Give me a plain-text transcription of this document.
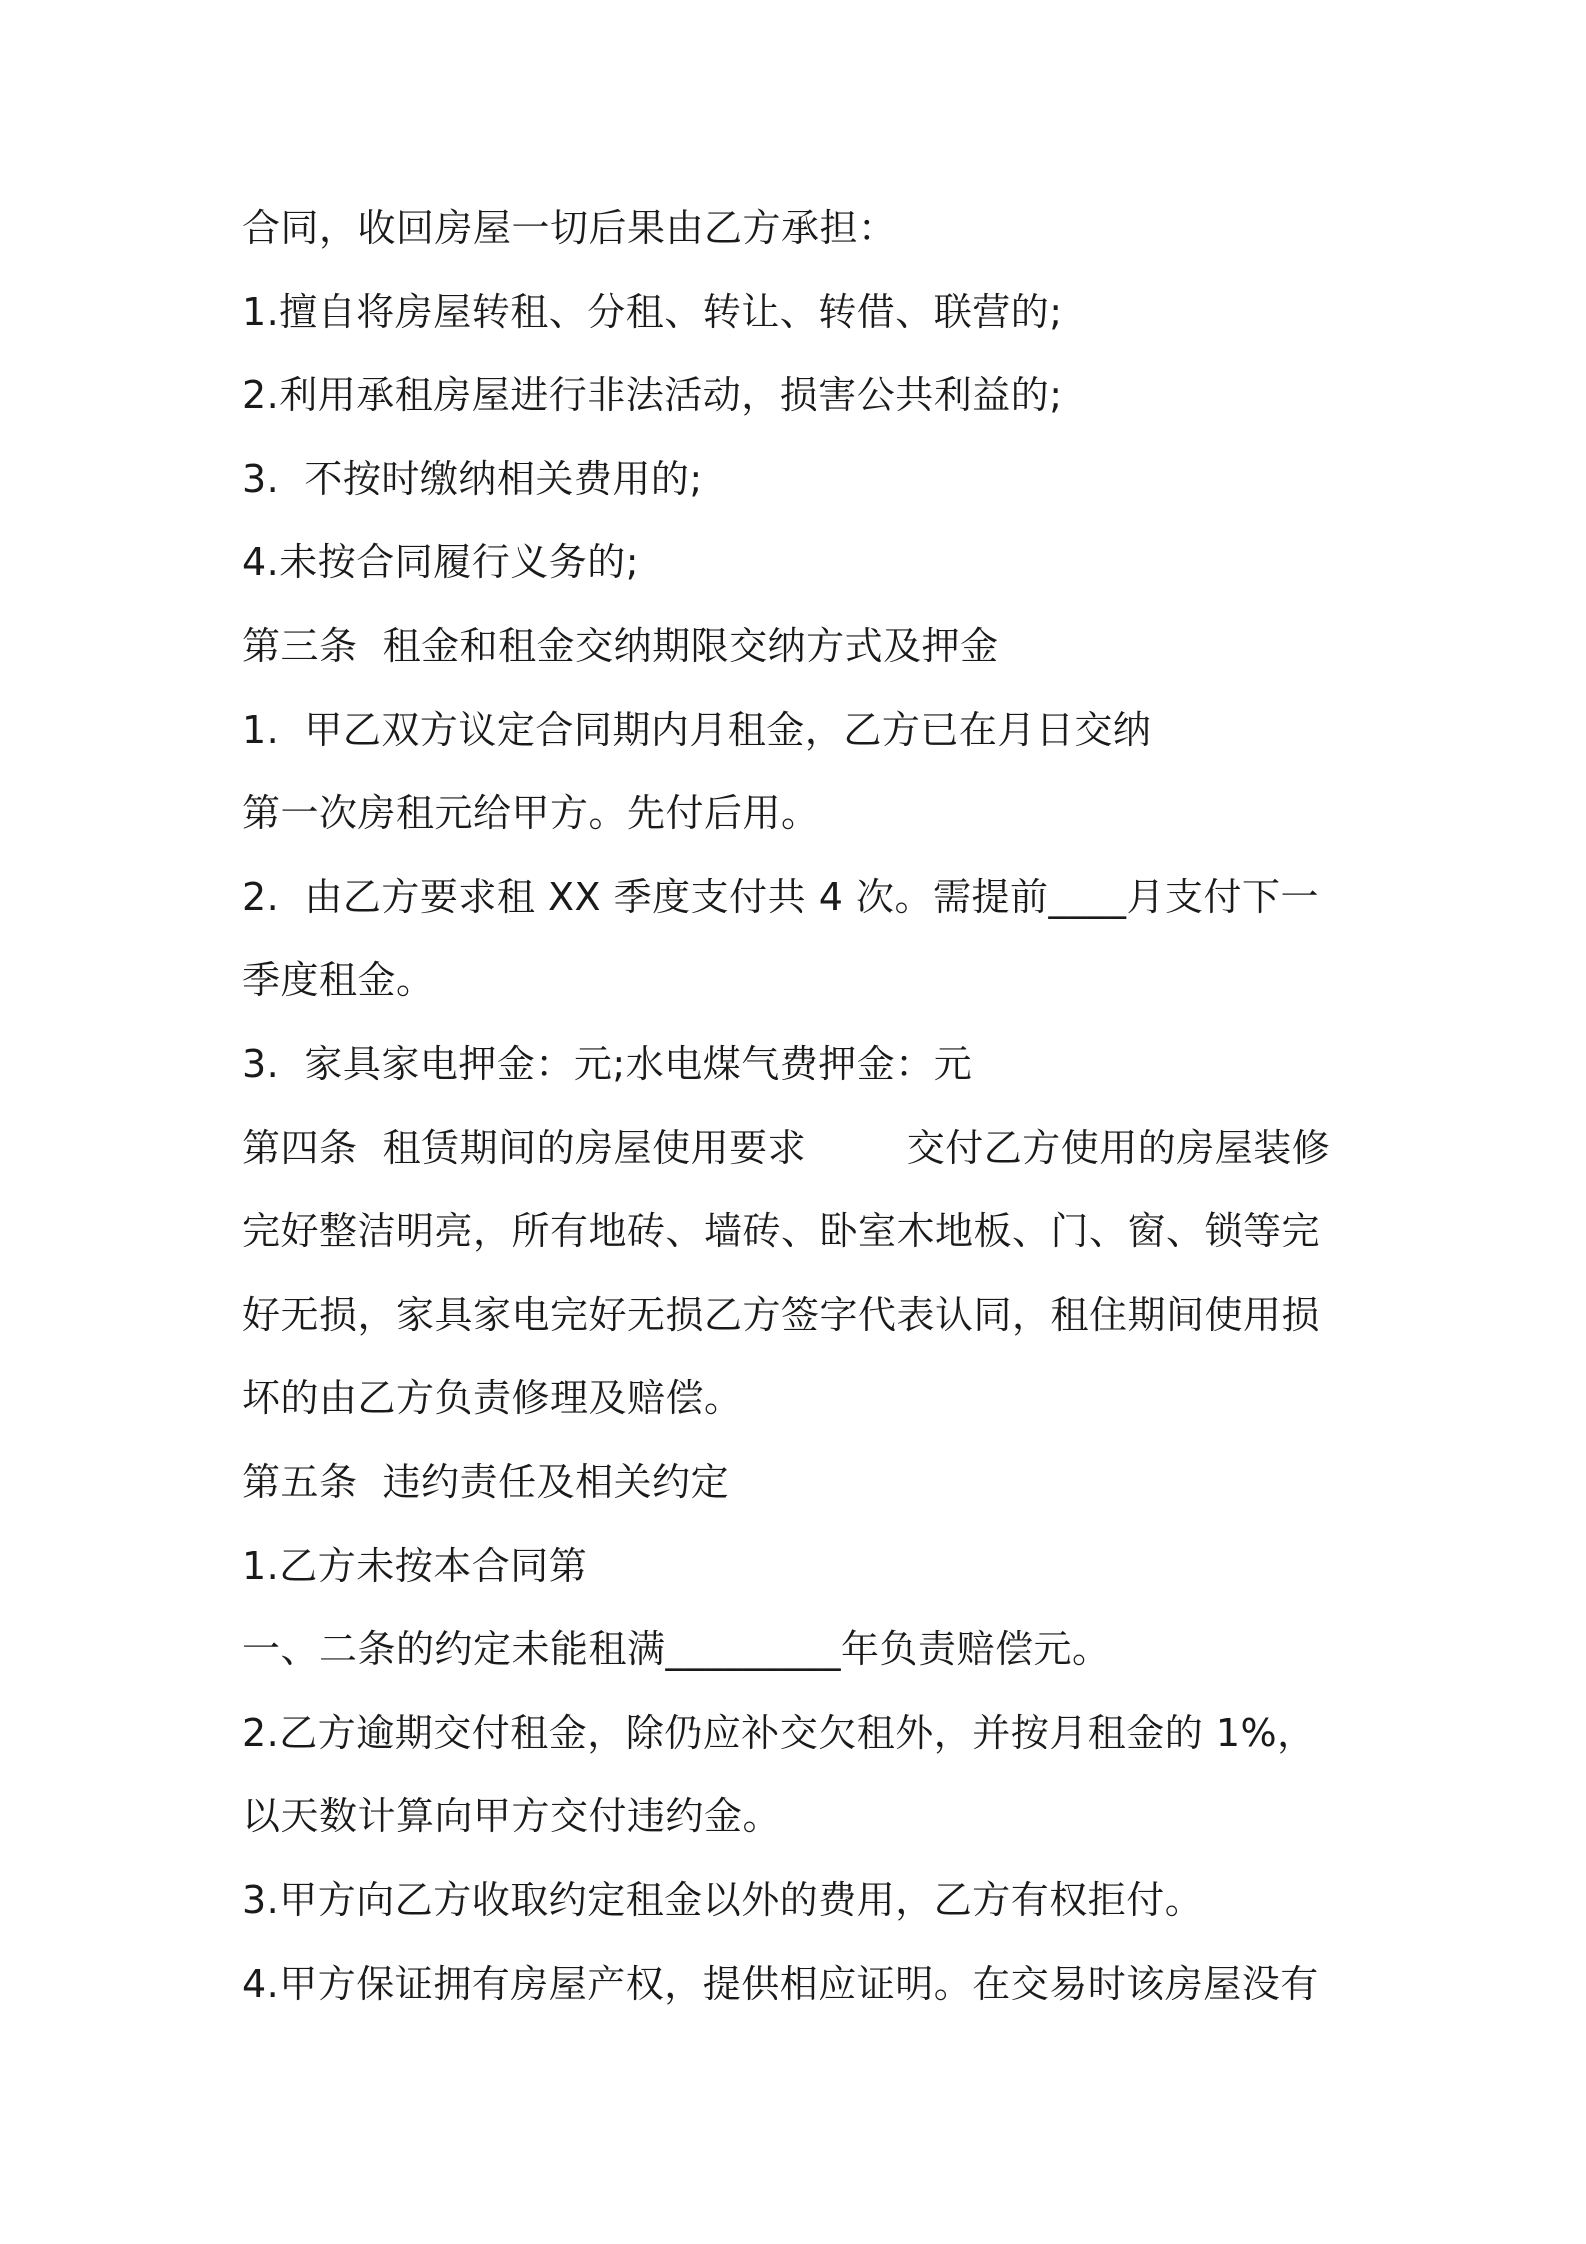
合同，收回房屋一切后果由乙方承担：
1.擅自将房屋转租、分租、转让、转借、联营的;
2.利用承租房屋进行非法活动，损害公共利益的;
3.  不按时缴纳相关费用的;
4.未按合同履行义务的;
第三条  租金和租金交纳期限交纳方式及押金
1.  甲乙双方议定合同期内月租金，乙方已在月日交纳
第一次房租元给甲方。先付后用。
2.  由乙方要求租 XX 季度支付共 4 次。需提前____月支付下一
季度租金。
3.  家具家电押金：元;水电煤气费押金：元
第四条  租赁期间的房屋使用要求        交付乙方使用的房屋装修
完好整洁明亮，所有地砖、墙砖、卧室木地板、门、窗、锁等完
好无损，家具家电完好无损乙方签字代表认同，租住期间使用损
坏的由乙方负责修理及赔偿。
第五条  违约责任及相关约定
1.乙方未按本合同第
一、二条的约定未能租满_________年负责赔偿元。
2.乙方逾期交付租金，除仍应补交欠租外，并按月租金的 1%，
以天数计算向甲方交付违约金。
3.甲方向乙方收取约定租金以外的费用，乙方有权拒付。
4.甲方保证拥有房屋产权，提供相应证明。在交易时该房屋没有
